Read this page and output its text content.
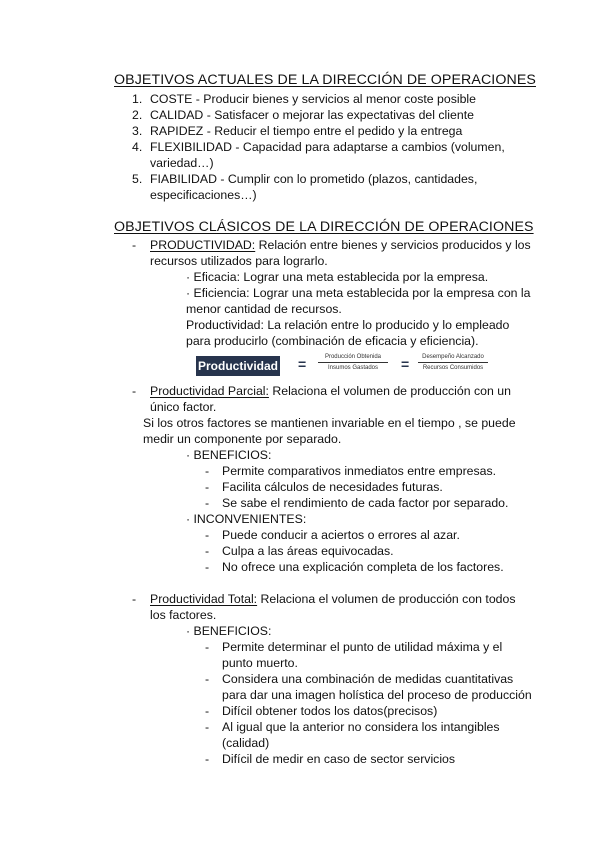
OBJETIVOS ACTUALES DE LA DIRECCIÓN DE OPERACIONES
1. COSTE - Producir bienes y servicios al menor coste posible
2. CALIDAD - Satisfacer o mejorar las expectativas del cliente
3. RAPIDEZ - Reducir el tiempo entre el pedido y la entrega
4. FLEXIBILIDAD - Capacidad para adaptarse a cambios (volumen,
variedad…)
5. FIABILIDAD - Cumplir con lo prometido (plazos, cantidades,
especificaciones…)
OBJETIVOS CLÁSICOS DE LA DIRECCIÓN DE OPERACIONES
- PRODUCTIVIDAD: Relación entre bienes y servicios producidos y los
recursos utilizados para lograrlo.
· Eficacia: Lograr una meta establecida por la empresa.
· Eficiencia: Lograr una meta establecida por la empresa con la
menor cantidad de recursos.
Productividad: La relación entre lo producido y lo empleado
para producirlo (combinación de eficacia y eficiencia).
Productividad =	Producción Obtenida
Insumos Gastados	=	Desempeño Alcanzado
Recursos Consumidos
- Productividad Parcial: Relaciona el volumen de producción con un
único factor.
Si los otros factores se mantienen invariable en el tiempo , se puede
medir un componente por separado.
· BENEFICIOS:
- Permite comparativos inmediatos entre empresas.
- Facilita cálculos de necesidades futuras.
- Se sabe el rendimiento de cada factor por separado.
· INCONVENIENTES:
- Puede conducir a aciertos o errores al azar.
- Culpa a las áreas equivocadas.
- No ofrece una explicación completa de los factores.
- Productividad Total: Relaciona el volumen de producción con todos
los factores.
· BENEFICIOS:
- Permite determinar el punto de utilidad máxima y el
punto muerto.
- Considera una combinación de medidas cuantitativas
para dar una imagen holística del proceso de producción
- Difícil obtener todos los datos(precisos)
- Al igual que la anterior no considera los intangibles
(calidad)
- Difícil de medir en caso de sector servicios
